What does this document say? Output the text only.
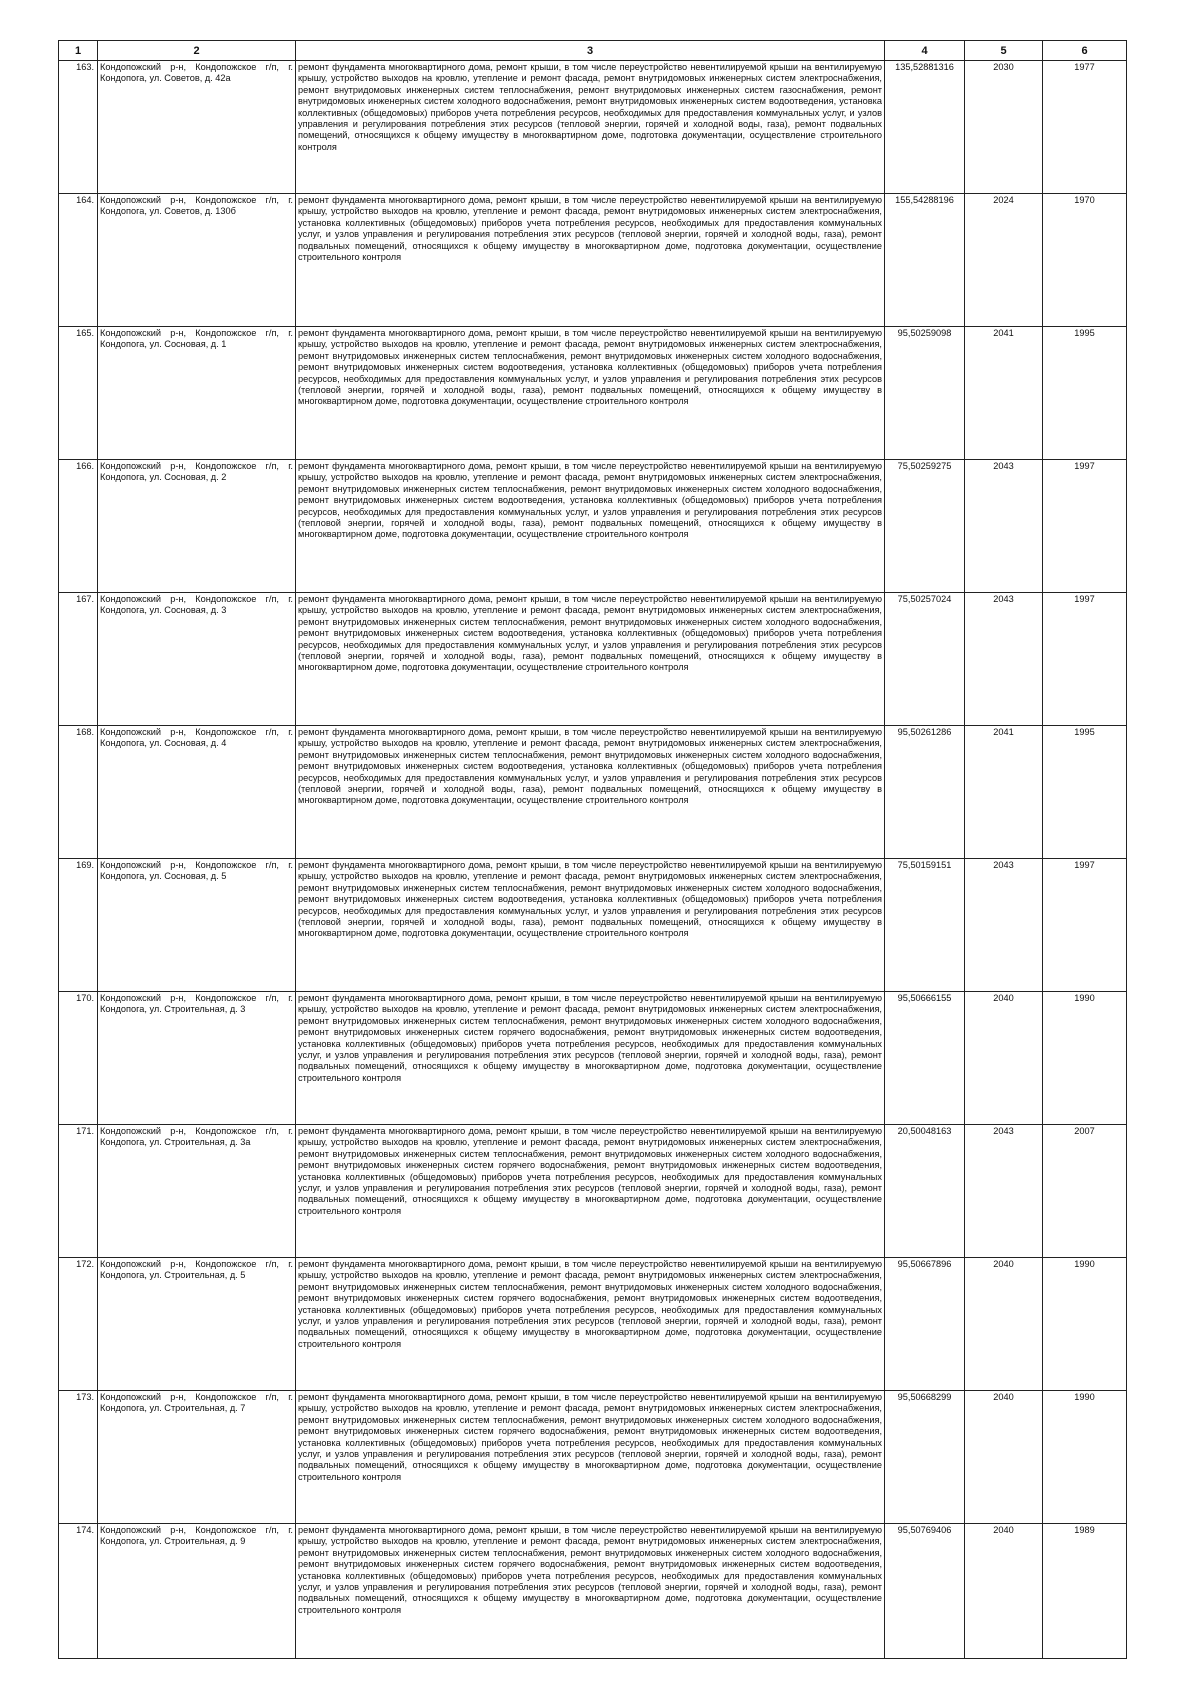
1	2	3	4	5	6
163.	Кондопожский р-н, Кондопожское г/п, г. Кондопога, ул. Советов, д. 42а	ремонт фундамента многоквартирного дома, ремонт крыши, в том числе переустройство невентилируемой крыши на вентилируемую крышу, устройство выходов на кровлю, утепление и ремонт фасада, ремонт внутридомовых инженерных систем электроснабжения, ремонт внутридомовых инженерных систем теплоснабжения, ремонт внутридомовых инженерных систем газоснабжения, ремонт внутридомовых инженерных систем холодного водоснабжения, ремонт внутридомовых инженерных систем водоотведения, установка коллективных (общедомовых) приборов учета потребления ресурсов, необходимых для предоставления коммунальных услуг, и узлов управления и регулирования потребления этих ресурсов (тепловой энергии, горячей и холодной воды, газа), ремонт подвальных помещений, относящихся к общему имуществу в многоквартирном доме, подготовка документации, осуществление строительного контроля	135,52881316	2030	1977
164.	Кондопожский р-н, Кондопожское г/п, г. Кондопога, ул. Советов, д. 130б	ремонт фундамента многоквартирного дома, ремонт крыши, в том числе переустройство невентилируемой крыши на вентилируемую крышу, устройство выходов на кровлю, утепление и ремонт фасада, ремонт внутридомовых инженерных систем электроснабжения, установка коллективных (общедомовых) приборов учета потребления ресурсов, необходимых для предоставления коммунальных услуг, и узлов управления и регулирования потребления этих ресурсов (тепловой энергии, горячей и холодной воды, газа), ремонт подвальных помещений, относящихся к общему имуществу в многоквартирном доме, подготовка документации, осуществление строительного контроля	155,54288196	2024	1970
165.	Кондопожский р-н, Кондопожское г/п, г. Кондопога, ул. Сосновая, д. 1	ремонт фундамента многоквартирного дома, ремонт крыши, в том числе переустройство невентилируемой крыши на вентилируемую крышу, устройство выходов на кровлю, утепление и ремонт фасада, ремонт внутридомовых инженерных систем электроснабжения, ремонт внутридомовых инженерных систем теплоснабжения, ремонт внутридомовых инженерных систем холодного водоснабжения, ремонт внутридомовых инженерных систем водоотведения, установка коллективных (общедомовых) приборов учета потребления ресурсов, необходимых для предоставления коммунальных услуг, и узлов управления и регулирования потребления этих ресурсов (тепловой энергии, горячей и холодной воды, газа), ремонт подвальных помещений, относящихся к общему имуществу в многоквартирном доме, подготовка документации, осуществление строительного контроля	95,50259098	2041	1995
166.	Кондопожский р-н, Кондопожское г/п, г. Кондопога, ул. Сосновая, д. 2	ремонт фундамента многоквартирного дома, ремонт крыши, в том числе переустройство невентилируемой крыши на вентилируемую крышу, устройство выходов на кровлю, утепление и ремонт фасада, ремонт внутридомовых инженерных систем электроснабжения, ремонт внутридомовых инженерных систем теплоснабжения, ремонт внутридомовых инженерных систем холодного водоснабжения, ремонт внутридомовых инженерных систем водоотведения, установка коллективных (общедомовых) приборов учета потребления ресурсов, необходимых для предоставления коммунальных услуг, и узлов управления и регулирования потребления этих ресурсов (тепловой энергии, горячей и холодной воды, газа), ремонт подвальных помещений, относящихся к общему имуществу в многоквартирном доме, подготовка документации, осуществление строительного контроля	75,50259275	2043	1997
167.	Кондопожский р-н, Кондопожское г/п, г. Кондопога, ул. Сосновая, д. 3	ремонт фундамента многоквартирного дома, ремонт крыши, в том числе переустройство невентилируемой крыши на вентилируемую крышу, устройство выходов на кровлю, утепление и ремонт фасада, ремонт внутридомовых инженерных систем электроснабжения, ремонт внутридомовых инженерных систем теплоснабжения, ремонт внутридомовых инженерных систем холодного водоснабжения, ремонт внутридомовых инженерных систем водоотведения, установка коллективных (общедомовых) приборов учета потребления ресурсов, необходимых для предоставления коммунальных услуг, и узлов управления и регулирования потребления этих ресурсов (тепловой энергии, горячей и холодной воды, газа), ремонт подвальных помещений, относящихся к общему имуществу в многоквартирном доме, подготовка документации, осуществление строительного контроля	75,50257024	2043	1997
168.	Кондопожский р-н, Кондопожское г/п, г. Кондопога, ул. Сосновая, д. 4	ремонт фундамента многоквартирного дома, ремонт крыши, в том числе переустройство невентилируемой крыши на вентилируемую крышу, устройство выходов на кровлю, утепление и ремонт фасада, ремонт внутридомовых инженерных систем электроснабжения, ремонт внутридомовых инженерных систем теплоснабжения, ремонт внутридомовых инженерных систем холодного водоснабжения, ремонт внутридомовых инженерных систем водоотведения, установка коллективных (общедомовых) приборов учета потребления ресурсов, необходимых для предоставления коммунальных услуг, и узлов управления и регулирования потребления этих ресурсов (тепловой энергии, горячей и холодной воды, газа), ремонт подвальных помещений, относящихся к общему имуществу в многоквартирном доме, подготовка документации, осуществление строительного контроля	95,50261286	2041	1995
169.	Кондопожский р-н, Кондопожское г/п, г. Кондопога, ул. Сосновая, д. 5	ремонт фундамента многоквартирного дома, ремонт крыши, в том числе переустройство невентилируемой крыши на вентилируемую крышу, устройство выходов на кровлю, утепление и ремонт фасада, ремонт внутридомовых инженерных систем электроснабжения, ремонт внутридомовых инженерных систем теплоснабжения, ремонт внутридомовых инженерных систем холодного водоснабжения, ремонт внутридомовых инженерных систем водоотведения, установка коллективных (общедомовых) приборов учета потребления ресурсов, необходимых для предоставления коммунальных услуг, и узлов управления и регулирования потребления этих ресурсов (тепловой энергии, горячей и холодной воды, газа), ремонт подвальных помещений, относящихся к общему имуществу в многоквартирном доме, подготовка документации, осуществление строительного контроля	75,50159151	2043	1997
170.	Кондопожский р-н, Кондопожское г/п, г. Кондопога, ул. Строительная, д. 3	ремонт фундамента многоквартирного дома, ремонт крыши, в том числе переустройство невентилируемой крыши на вентилируемую крышу, устройство выходов на кровлю, утепление и ремонт фасада, ремонт внутридомовых инженерных систем электроснабжения, ремонт внутридомовых инженерных систем теплоснабжения, ремонт внутридомовых инженерных систем холодного водоснабжения, ремонт внутридомовых инженерных систем горячего водоснабжения, ремонт внутридомовых инженерных систем водоотведения, установка коллективных (общедомовых) приборов учета потребления ресурсов, необходимых для предоставления коммунальных услуг, и узлов управления и регулирования потребления этих ресурсов (тепловой энергии, горячей и холодной воды, газа), ремонт подвальных помещений, относящихся к общему имуществу в многоквартирном доме, подготовка документации, осуществление строительного контроля	95,50666155	2040	1990
171.	Кондопожский р-н, Кондопожское г/п, г. Кондопога, ул. Строительная, д. 3а	ремонт фундамента многоквартирного дома, ремонт крыши, в том числе переустройство невентилируемой крыши на вентилируемую крышу, устройство выходов на кровлю, утепление и ремонт фасада, ремонт внутридомовых инженерных систем электроснабжения, ремонт внутридомовых инженерных систем теплоснабжения, ремонт внутридомовых инженерных систем холодного водоснабжения, ремонт внутридомовых инженерных систем горячего водоснабжения, ремонт внутридомовых инженерных систем водоотведения, установка коллективных (общедомовых) приборов учета потребления ресурсов, необходимых для предоставления коммунальных услуг, и узлов управления и регулирования потребления этих ресурсов (тепловой энергии, горячей и холодной воды, газа), ремонт подвальных помещений, относящихся к общему имуществу в многоквартирном доме, подготовка документации, осуществление строительного контроля	20,50048163	2043	2007
172.	Кондопожский р-н, Кондопожское г/п, г. Кондопога, ул. Строительная, д. 5	ремонт фундамента многоквартирного дома, ремонт крыши, в том числе переустройство невентилируемой крыши на вентилируемую крышу, устройство выходов на кровлю, утепление и ремонт фасада, ремонт внутридомовых инженерных систем электроснабжения, ремонт внутридомовых инженерных систем теплоснабжения, ремонт внутридомовых инженерных систем холодного водоснабжения, ремонт внутридомовых инженерных систем горячего водоснабжения, ремонт внутридомовых инженерных систем водоотведения, установка коллективных (общедомовых) приборов учета потребления ресурсов, необходимых для предоставления коммунальных услуг, и узлов управления и регулирования потребления этих ресурсов (тепловой энергии, горячей и холодной воды, газа), ремонт подвальных помещений, относящихся к общему имуществу в многоквартирном доме, подготовка документации, осуществление строительного контроля	95,50667896	2040	1990
173.	Кондопожский р-н, Кондопожское г/п, г. Кондопога, ул. Строительная, д. 7	ремонт фундамента многоквартирного дома, ремонт крыши, в том числе переустройство невентилируемой крыши на вентилируемую крышу, устройство выходов на кровлю, утепление и ремонт фасада, ремонт внутридомовых инженерных систем электроснабжения, ремонт внутридомовых инженерных систем теплоснабжения, ремонт внутридомовых инженерных систем холодного водоснабжения, ремонт внутридомовых инженерных систем горячего водоснабжения, ремонт внутридомовых инженерных систем водоотведения, установка коллективных (общедомовых) приборов учета потребления ресурсов, необходимых для предоставления коммунальных услуг, и узлов управления и регулирования потребления этих ресурсов (тепловой энергии, горячей и холодной воды, газа), ремонт подвальных помещений, относящихся к общему имуществу в многоквартирном доме, подготовка документации, осуществление строительного контроля	95,50668299	2040	1990
174.	Кондопожский р-н, Кондопожское г/п, г. Кондопога, ул. Строительная, д. 9	ремонт фундамента многоквартирного дома, ремонт крыши, в том числе переустройство невентилируемой крыши на вентилируемую крышу, устройство выходов на кровлю, утепление и ремонт фасада, ремонт внутридомовых инженерных систем электроснабжения, ремонт внутридомовых инженерных систем теплоснабжения, ремонт внутридомовых инженерных систем холодного водоснабжения, ремонт внутридомовых инженерных систем горячего водоснабжения, ремонт внутридомовых инженерных систем водоотведения, установка коллективных (общедомовых) приборов учета потребления ресурсов, необходимых для предоставления коммунальных услуг, и узлов управления и регулирования потребления этих ресурсов (тепловой энергии, горячей и холодной воды, газа), ремонт подвальных помещений, относящихся к общему имуществу в многоквартирном доме, подготовка документации, осуществление строительного контроля	95,50769406	2040	1989
